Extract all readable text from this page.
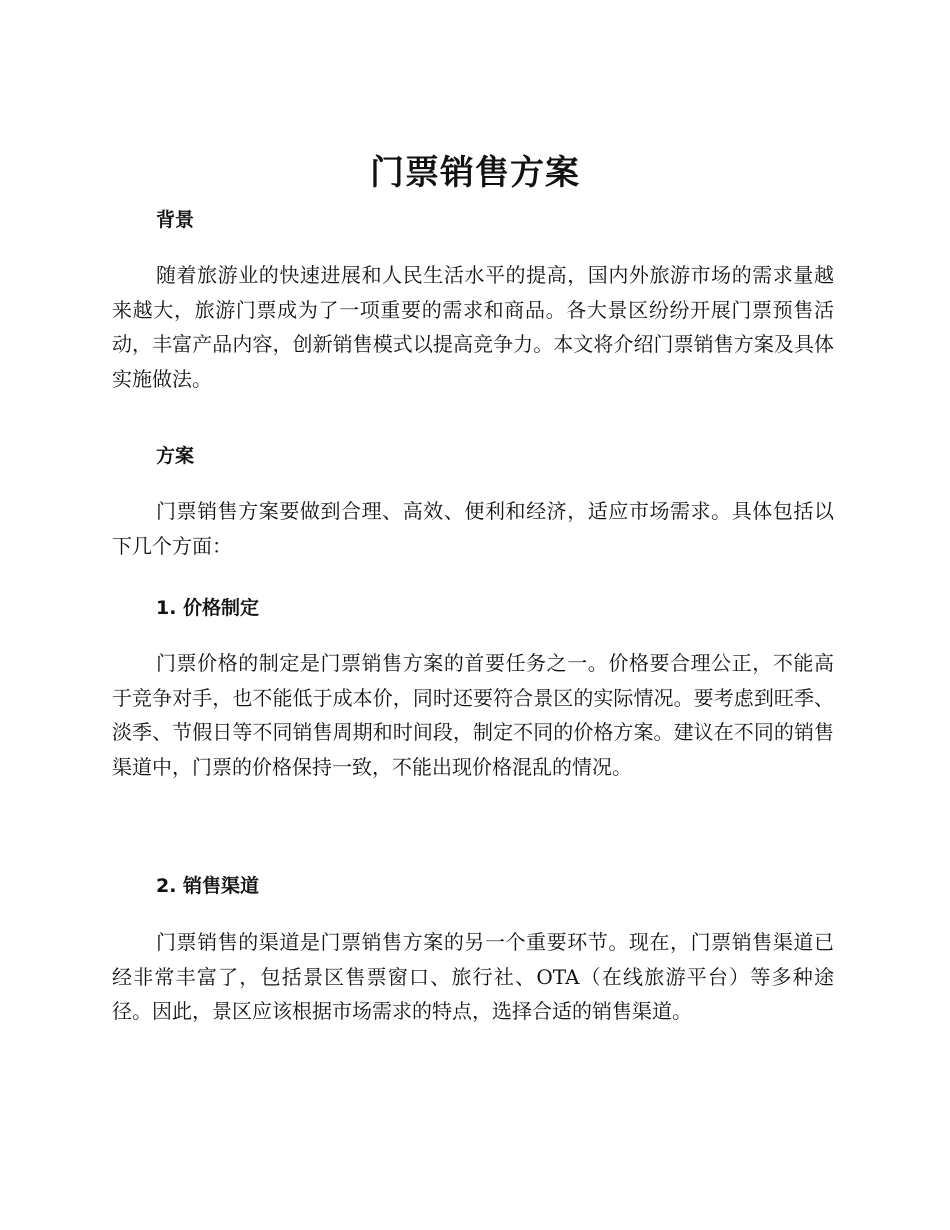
门票销售方案
背景

随着旅游业的快速进展和人民生活水平的提高，国内外旅游市场的需求量越来越大，旅游门票成为了一项重要的需求和商品。各大景区纷纷开展门票预售活动，丰富产品内容，创新销售模式以提高竞争力。本文将介绍门票销售方案及具体实施做法。

方案

门票销售方案要做到合理、高效、便利和经济，适应市场需求。具体包括以下几个方面：

1. 价格制定

门票价格的制定是门票销售方案的首要任务之一。价格要合理公正，不能高于竞争对手，也不能低于成本价，同时还要符合景区的实际情况。要考虑到旺季、淡季、节假日等不同销售周期和时间段，制定不同的价格方案。建议在不同的销售渠道中，门票的价格保持一致，不能出现价格混乱的情况。

2. 销售渠道

门票销售的渠道是门票销售方案的另一个重要环节。现在，门票销售渠道已经非常丰富了，包括景区售票窗口、旅行社、OTA（在线旅游平台）等多种途径。因此，景区应该根据市场需求的特点，选择合适的销售渠道。
